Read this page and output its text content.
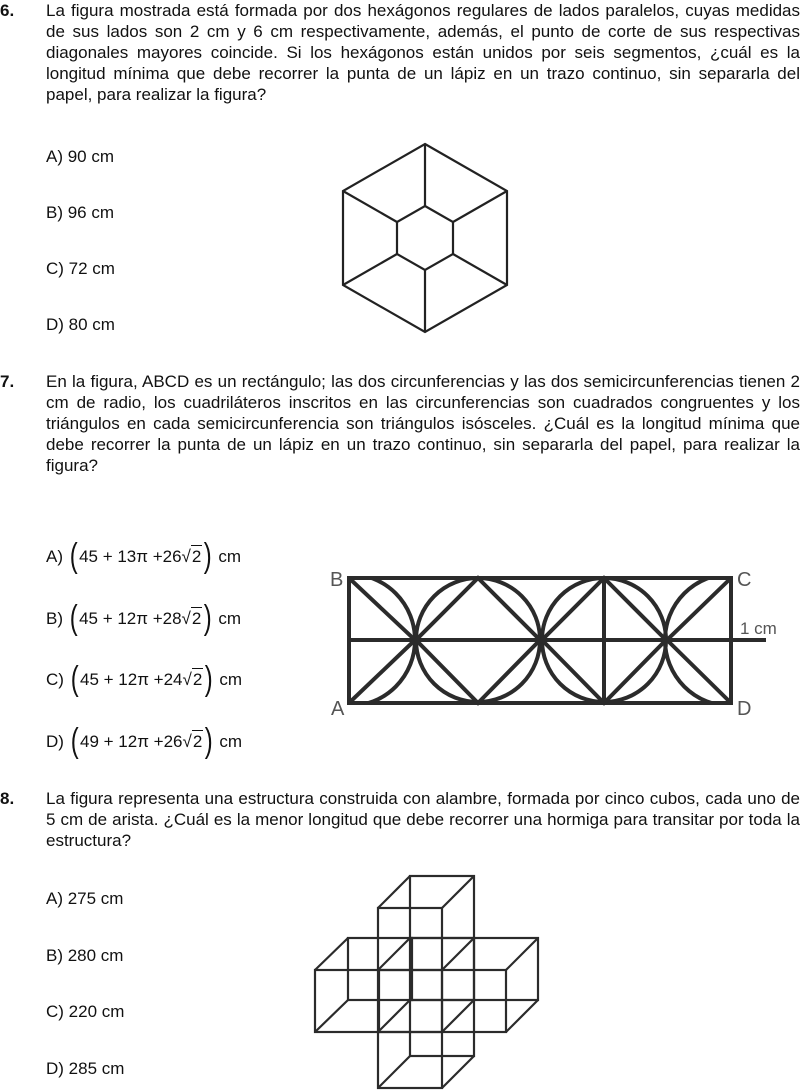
6. La figura mostrada está formada por dos hexágonos regulares de lados paralelos, cuyas medidas de sus lados son 2 cm y 6 cm respectivamente, además, el punto de corte de sus respectivas diagonales mayores coincide. Si los hexágonos están unidos por seis segmentos, ¿cuál es la longitud mínima que debe recorrer la punta de un lápiz en un trazo continuo, sin separarla del papel, para realizar la figura?
A) 90 cm
B) 96 cm
C) 72 cm
D) 80 cm
7. En la figura, ABCD es un rectángulo; las dos circunferencias y las dos semicircunferencias tienen 2 cm de radio, los cuadriláteros inscritos en las circunferencias son cuadrados congruentes y los triángulos en cada semicircunferencia son triángulos isósceles. ¿Cuál es la longitud mínima que debe recorrer la punta de un lápiz en un trazo continuo, sin separarla del papel, para realizar la figura?
A)
( 45 + 13π +26 √2 )
cm
B)
( 45 + 12π +28 √2 )
cm
C)
( 45 + 12π +24 √2 )
cm
D)
( 49 + 12π +26 √2 )
cm
B	C
A	D
1 cm
8. La figura representa una estructura construida con alambre, formada por cinco cubos, cada uno de 5 cm de arista. ¿Cuál es la menor longitud que debe recorrer una hormiga para transitar por toda la estructura?
A) 275 cm
B) 280 cm
C) 220 cm
D) 285 cm
